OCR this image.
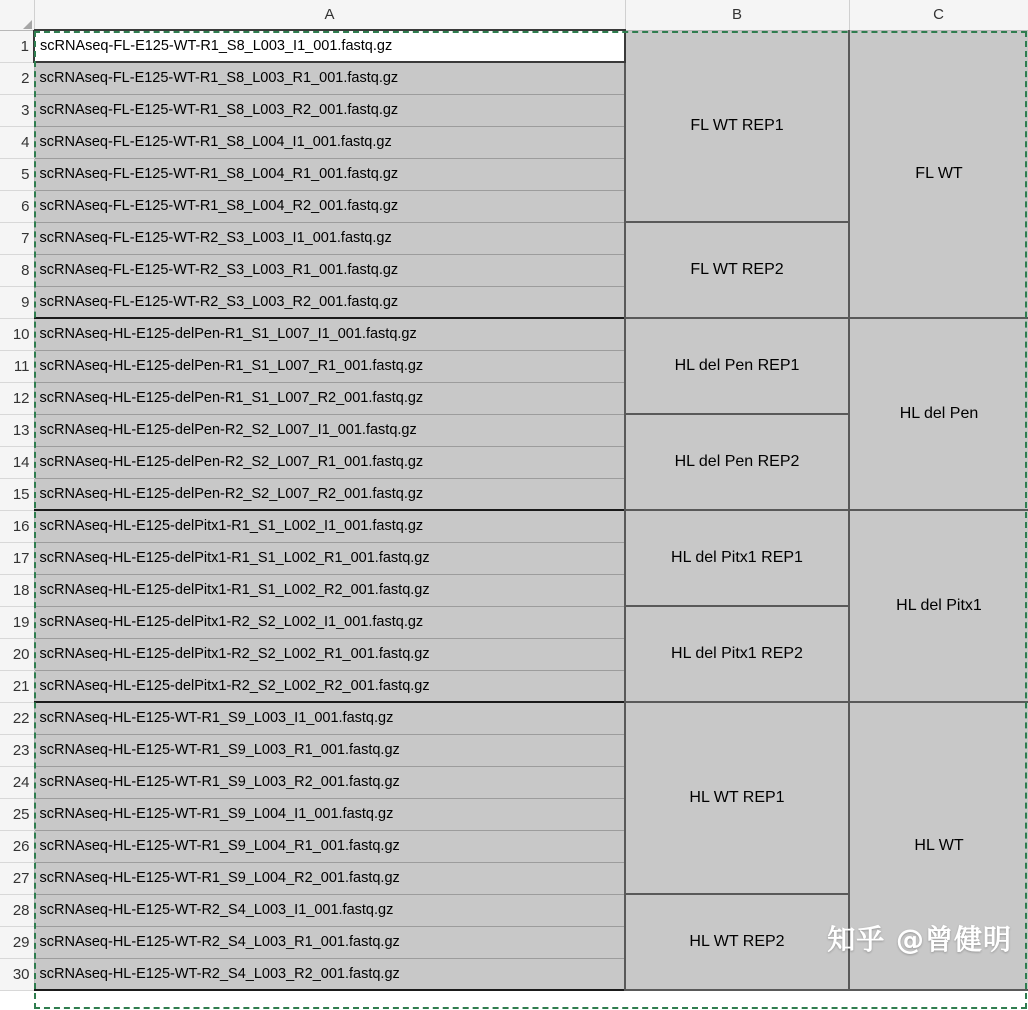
	A	B	C
1	scRNAseq-FL-E125-WT-R1_S8_L003_I1_001.fastq.gz	FL WT REP1	FL WT
2	scRNAseq-FL-E125-WT-R1_S8_L003_R1_001.fastq.gz		
3	scRNAseq-FL-E125-WT-R1_S8_L003_R2_001.fastq.gz		
4	scRNAseq-FL-E125-WT-R1_S8_L004_I1_001.fastq.gz		
5	scRNAseq-FL-E125-WT-R1_S8_L004_R1_001.fastq.gz		
6	scRNAseq-FL-E125-WT-R1_S8_L004_R2_001.fastq.gz		
7	scRNAseq-FL-E125-WT-R2_S3_L003_I1_001.fastq.gz	FL WT REP2	
8	scRNAseq-FL-E125-WT-R2_S3_L003_R1_001.fastq.gz		
9	scRNAseq-FL-E125-WT-R2_S3_L003_R2_001.fastq.gz		
10	scRNAseq-HL-E125-delPen-R1_S1_L007_I1_001.fastq.gz	HL del Pen REP1	HL del Pen
11	scRNAseq-HL-E125-delPen-R1_S1_L007_R1_001.fastq.gz		
12	scRNAseq-HL-E125-delPen-R1_S1_L007_R2_001.fastq.gz		
13	scRNAseq-HL-E125-delPen-R2_S2_L007_I1_001.fastq.gz	HL del Pen REP2	
14	scRNAseq-HL-E125-delPen-R2_S2_L007_R1_001.fastq.gz		
15	scRNAseq-HL-E125-delPen-R2_S2_L007_R2_001.fastq.gz		
16	scRNAseq-HL-E125-delPitx1-R1_S1_L002_I1_001.fastq.gz	HL del Pitx1 REP1	HL del Pitx1
17	scRNAseq-HL-E125-delPitx1-R1_S1_L002_R1_001.fastq.gz		
18	scRNAseq-HL-E125-delPitx1-R1_S1_L002_R2_001.fastq.gz		
19	scRNAseq-HL-E125-delPitx1-R2_S2_L002_I1_001.fastq.gz	HL del Pitx1 REP2	
20	scRNAseq-HL-E125-delPitx1-R2_S2_L002_R1_001.fastq.gz		
21	scRNAseq-HL-E125-delPitx1-R2_S2_L002_R2_001.fastq.gz		
22	scRNAseq-HL-E125-WT-R1_S9_L003_I1_001.fastq.gz	HL WT REP1	HL WT
23	scRNAseq-HL-E125-WT-R1_S9_L003_R1_001.fastq.gz		
24	scRNAseq-HL-E125-WT-R1_S9_L003_R2_001.fastq.gz		
25	scRNAseq-HL-E125-WT-R1_S9_L004_I1_001.fastq.gz		
26	scRNAseq-HL-E125-WT-R1_S9_L004_R1_001.fastq.gz		
27	scRNAseq-HL-E125-WT-R1_S9_L004_R2_001.fastq.gz		
28	scRNAseq-HL-E125-WT-R2_S4_L003_I1_001.fastq.gz	HL WT REP2	
29	scRNAseq-HL-E125-WT-R2_S4_L003_R1_001.fastq.gz		
30	scRNAseq-HL-E125-WT-R2_S4_L003_R2_001.fastq.gz		
知乎 @曾健明
